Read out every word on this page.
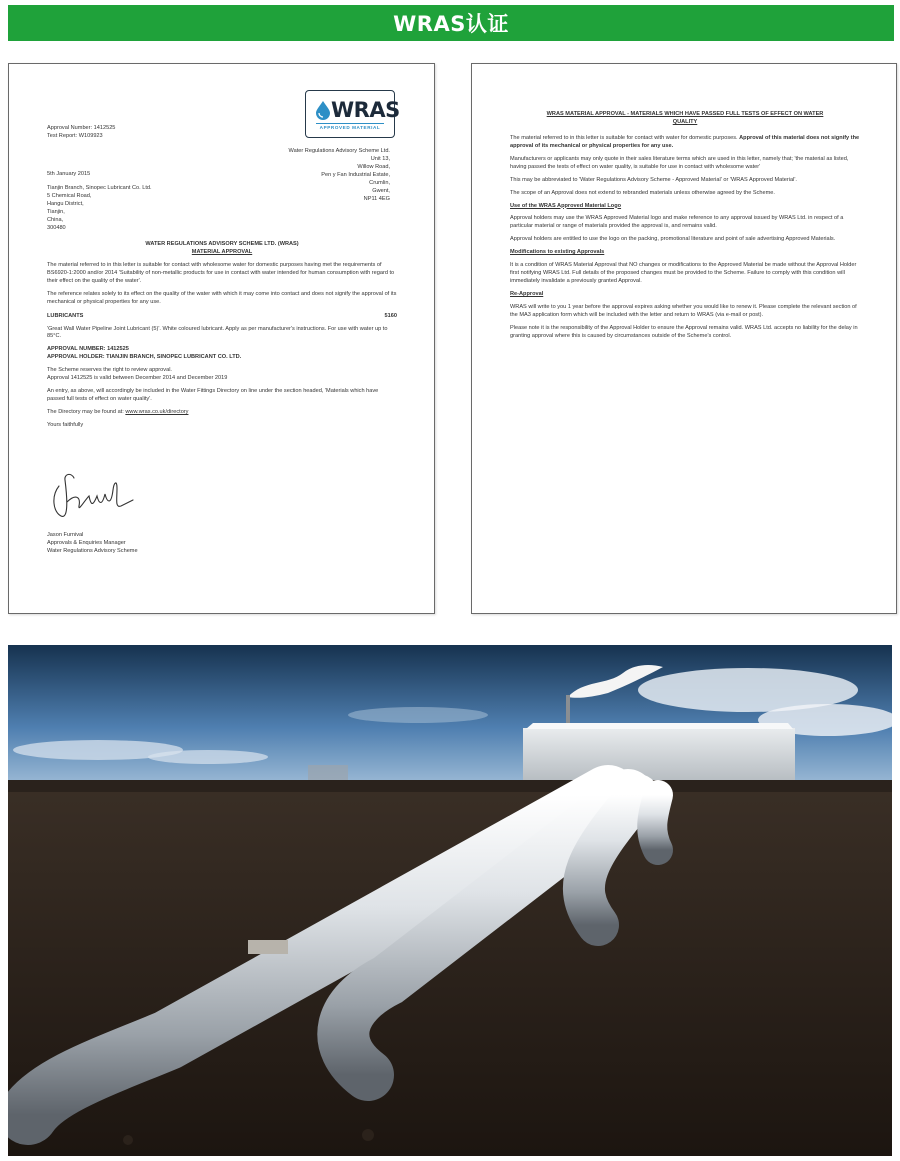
WRAS认证
WRAS
APPROVED MATERIAL
Approval Number: 1412525
Test Report: W109923
Water Regulations Advisory Scheme Ltd.
Unit 13,
Willow Road,
Pen y Fan Industrial Estate,
Crumlin,
Gwent,
NP11 4EG
5th January 2015
Tianjin Branch, Sinopec Lubricant Co. Ltd.
5 Chemical Road,
Hangu District,
Tianjin,
China,
300480
WATER REGULATIONS ADVISORY SCHEME LTD. (WRAS)
MATERIAL APPROVAL
The material referred to in this letter is suitable for contact with wholesome water for domestic purposes having met the requirements of BS6920-1:2000 and/or 2014 'Suitability of non-metallic products for use in contact with water intended for human consumption with regard to their effect on the quality of the water'.
The reference relates solely to its effect on the quality of the water with which it may come into contact and does not signify the approval of its mechanical or physical properties for any use.
LUBRICANTS	5160
'Great Wall Water Pipeline Joint Lubricant (5)'. White coloured lubricant. Apply as per manufacturer's instructions. For use with water up to 85°C.
APPROVAL NUMBER: 1412525
APPROVAL HOLDER: TIANJIN BRANCH, SINOPEC LUBRICANT CO. LTD.
The Scheme reserves the right to review approval.
Approval 1412525 is valid between December 2014 and December 2019
An entry, as above, will accordingly be included in the Water Fittings Directory on line under the section headed, 'Materials which have passed full tests of effect on water quality'.
The Directory may be found at: www.wras.co.uk/directory
Yours faithfully
Jason Furnival
Approvals & Enquiries Manager
Water Regulations Advisory Scheme
WRAS MATERIAL APPROVAL - MATERIALS WHICH HAVE PASSED FULL TESTS OF EFFECT ON WATER QUALITY
The material referred to in this letter is suitable for contact with water for domestic purposes. Approval of this material does not signify the approval of its mechanical or physical properties for any use.
Manufacturers or applicants may only quote in their sales literature terms which are used in this letter, namely that; 'the material as listed, having passed the tests of effect on water quality, is suitable for use in contact with wholesome water'
This may be abbreviated to 'Water Regulations Advisory Scheme - Approved Material' or 'WRAS Approved Material'.
The scope of an Approval does not extend to rebranded materials unless otherwise agreed by the Scheme.
Use of the WRAS Approved Material Logo
Approval holders may use the WRAS Approved Material logo and make reference to any approval issued by WRAS Ltd. in respect of a particular material or range of materials provided the approval is, and remains valid.
Approval holders are entitled to use the logo on the packing, promotional literature and point of sale advertising Approved Materials.
Modifications to existing Approvals
It is a condition of WRAS Material Approval that NO changes or modifications to the Approved Material be made without the Approval Holder first notifying WRAS Ltd. Full details of the proposed changes must be provided to the Scheme. Failure to comply with this condition will immediately invalidate a previously granted Approval.
Re-Approval
WRAS will write to you 1 year before the approval expires asking whether you would like to renew it. Please complete the relevant section of the MA3 application form which will be included with the letter and return to WRAS (via e-mail or post).
Please note it is the responsibility of the Approval Holder to ensure the Approval remains valid. WRAS Ltd. accepts no liability for the delay in granting approval where this is caused by circumstances outside of the Scheme's control.
